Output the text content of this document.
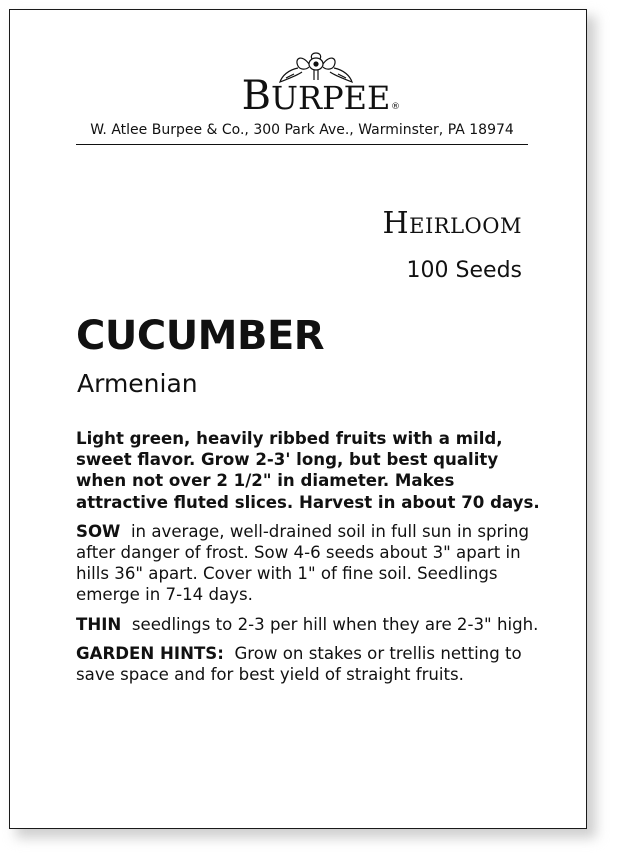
BURPEE ®
W. Atlee Burpee & Co., 300 Park Ave., Warminster, PA 18974
Heirloom
100 Seeds
CUCUMBER
Armenian

Light green, heavily ribbed fruits with a mild, sweet flavor. Grow 2-3' long, but best quality when not over 2 1/2" in diameter. Makes attractive fluted slices. Harvest in about 70 days.

SOW in average, well-drained soil in full sun in spring after danger of frost. Sow 4-6 seeds about 3" apart in hills 36" apart. Cover with 1" of fine soil. Seedlings emerge in 7-14 days.

THIN seedlings to 2-3 per hill when they are 2-3" high.

GARDEN HINTS: Grow on stakes or trellis netting to save space and for best yield of straight fruits.
